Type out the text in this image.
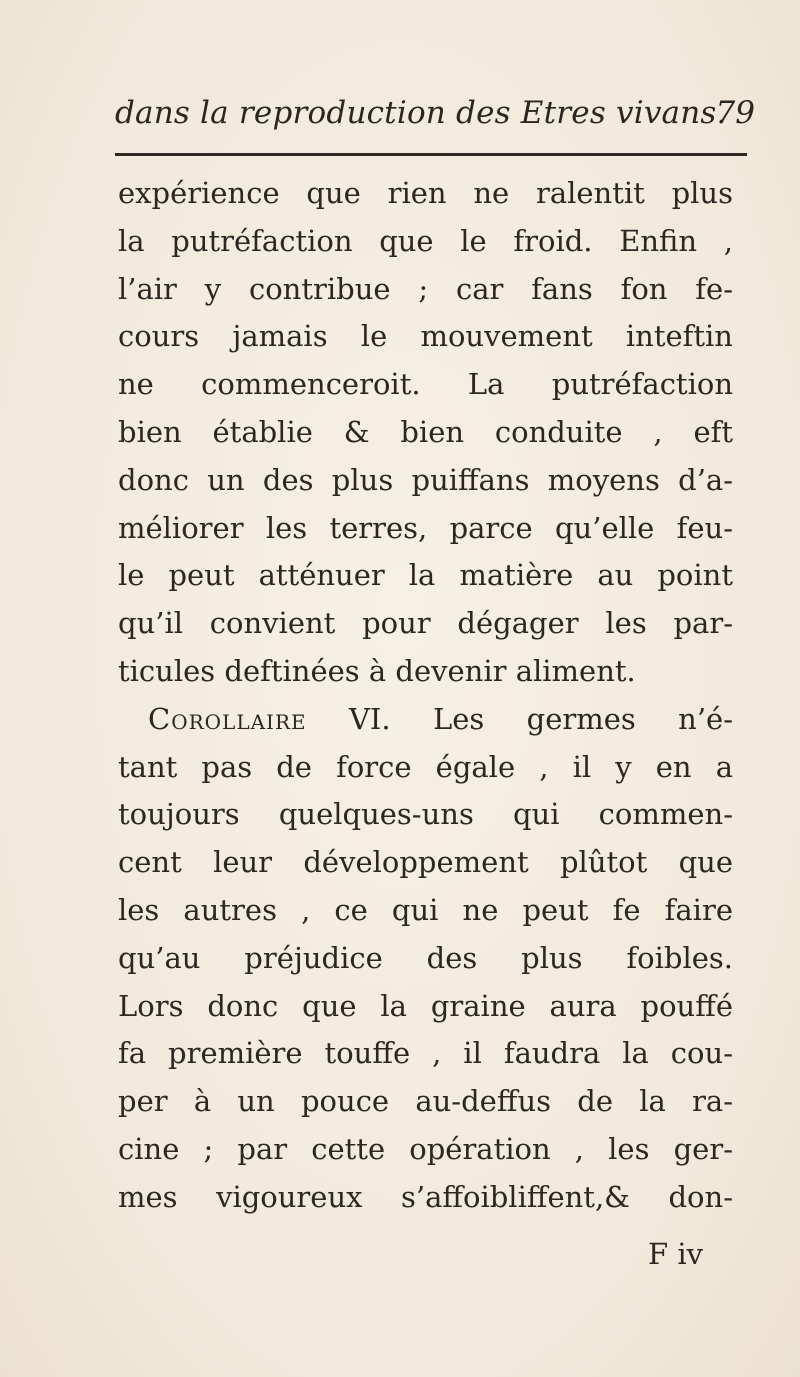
dans la reproduction des Etres vivans.
79
expérience que rien ne ralentit plus
la putréfaction que le froid. Enfin ,
l’air y contribue ; car fans fon fe-
cours jamais le mouvement inteftin
ne commenceroit. La putréfaction
bien établie & bien conduite , eft
donc un des plus puiffans moyens d’a-
méliorer les terres, parce qu’elle feu-
le peut atténuer la matière au point
qu’il convient pour dégager les par-
ticules deftinées à devenir aliment.
Corollaire VI. Les germes n’é-
tant pas de force égale , il y en a
toujours quelques-uns qui commen-
cent leur développement plûtot que
les autres , ce qui ne peut fe faire
qu’au préjudice des plus foibles.
Lors donc que la graine aura pouffé
fa première touffe , il faudra la cou-
per à un pouce au-deffus de la ra-
cine ; par cette opération , les ger-
mes vigoureux s’affoibliffent,& don-
F iv
